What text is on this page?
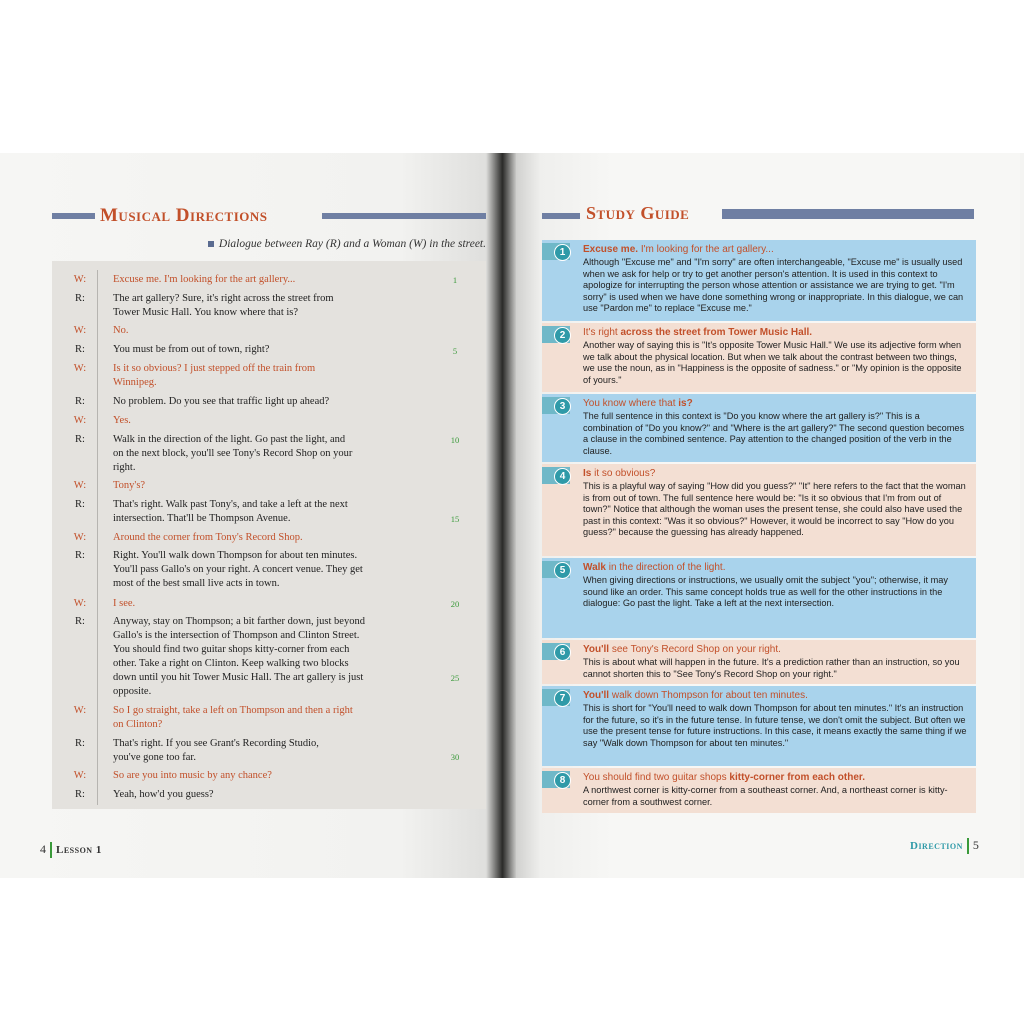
Musical Directions
Dialogue between Ray (R) and a Woman (W) in the street.
W:	Excuse me. I'm looking for the art gallery...	1
R:	The art gallery? Sure, it's right across the street from Tower Music Hall. You know where that is?
W:	No.
R:	You must be from out of town, right?	5
W:	Is it so obvious? I just stepped off the train from Winnipeg.
R:	No problem. Do you see that traffic light up ahead?
W:	Yes.
R:	Walk in the direction of the light. Go past the light, and on the next block, you'll see Tony's Record Shop on your right.
10
W:	Tony's?
R:	That's right. Walk past Tony's, and take a left at the next intersection. That'll be Thompson Avenue.	15
W:	Around the corner from Tony's Record Shop.
R:	Right. You'll walk down Thompson for about ten minutes. You'll pass Gallo's on your right. A concert venue. They get most of the best small live acts in town.
W:	I see.	20
R:	Anyway, stay on Thompson; a bit farther down, just beyond Gallo's is the intersection of Thompson and Clinton Street. You should find two guitar shops kitty-corner from each other. Take a right on Clinton. Keep walking two blocks down until you hit Tower Music Hall. The art gallery is just opposite.
25
W:	So I go straight, take a left on Thompson and then a right on Clinton?
R:	That's right. If you see Grant's Recording Studio, you've gone too far.	30
W:	So are you into music by any chance?
R:	Yeah, how'd you guess?
4 Lesson 1
Study Guide
1	Excuse me. I'm looking for the art gallery...
Although "Excuse me" and "I'm sorry" are often interchangeable, "Excuse me" is usually used when we ask for help or try to get another person's attention. It is used in this context to apologize for interrupting the person whose attention or assistance we are trying to get. "I'm sorry" is used when we have done something wrong or inappropriate. In this dialogue, we can use "Pardon me" to replace "Excuse me."
2	It's right across the street from Tower Music Hall.
Another way of saying this is "It's opposite Tower Music Hall." We use its adjective form when we talk about the physical location. But when we talk about the contrast between two things, we use the noun, as in "Happiness is the opposite of sadness." or "My opinion is the opposite of yours."
3	You know where that is?
The full sentence in this context is "Do you know where the art gallery is?" This is a combination of "Do you know?" and "Where is the art gallery?" The second question becomes a clause in the combined sentence. Pay attention to the changed position of the verb in the clause.
4	Is it so obvious?
This is a playful way of saying "How did you guess?" "It" here refers to the fact that the woman is from out of town. The full sentence here would be: "Is it so obvious that I'm from out of town?" Notice that although the woman uses the present tense, she could also have used the past in this context: "Was it so obvious?" However, it would be incorrect to say "How do you guess?" because the guessing has already happened.
5	Walk in the direction of the light.
When giving directions or instructions, we usually omit the subject "you"; otherwise, it may sound like an order. This same concept holds true as well for the other instructions in the dialogue: Go past the light. Take a left at the next intersection.
6	You'll see Tony's Record Shop on your right.
This is about what will happen in the future. It's a prediction rather than an instruction, so you cannot shorten this to "See Tony's Record Shop on your right."
7	You'll walk down Thompson for about ten minutes.
This is short for "You'll need to walk down Thompson for about ten minutes." It's an instruction for the future, so it's in the future tense. In future tense, we don't omit the subject. But often we use the present tense for future instructions. In this case, it means exactly the same thing if we say "Walk down Thompson for about ten minutes."
8	You should find two guitar shops kitty-corner from each other.
A northwest corner is kitty-corner from a southeast corner. And, a northeast corner is kitty-corner from a southwest corner.
Direction 5
